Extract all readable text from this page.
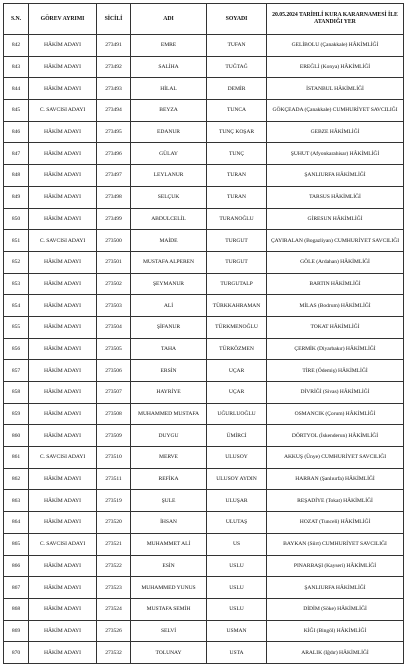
S.N.	GÖREV AYRIMI	SİCİLİ	ADI	SOYADI	20.05.2024 TARİHLİ KURA KARARNAMESİ İLE ATANDIĞI YER
842	HÂKİM ADAYI	273491	EMRE	TUFAN	GELİBOLU (Çanakkale) HÂKİMLİĞİ
843	HÂKİM ADAYI	273492	SALİHA	TUĞTAĞ	EREĞLİ (Konya) HÂKİMLİĞİ
844	HÂKİM ADAYI	273493	HİLAL	DEMİR	İSTANBUL HÂKİMLİĞİ
845	C. SAVCISI ADAYI	273494	BEYZA	TUNCA	GÖKÇEADA (Çanakkale) CUMHURİYET SAVCILIĞI
846	HÂKİM ADAYI	273495	EDANUR	TUNÇ KOŞAR	GEBZE HÂKİMLİĞİ
847	HÂKİM ADAYI	273496	GÜLAY	TUNÇ	ŞUHUT (Afyonkarahisar) HÂKİMLİĞİ
848	HÂKİM ADAYI	273497	LEYLANUR	TURAN	ŞANLIURFA HÂKİMLİĞİ
849	HÂKİM ADAYI	273498	SELÇUK	TURAN	TARSUS HÂKİMLİĞİ
850	HÂKİM ADAYI	273499	ABDULCELİL	TURANOĞLU	GİRESUN HÂKİMLİĞİ
851	C. SAVCISI ADAYI	273500	MAİDE	TURGUT	ÇAYIRALAN (Bogazliyan) CUMHURİYET SAVCILIĞI
852	HÂKİM ADAYI	273501	MUSTAFA ALPEREN	TURGUT	GÖLE (Ardahan) HÂKİMLİĞİ
853	HÂKİM ADAYI	273502	ŞEYMANUR	TURGUTALP	BARTIN HÂKİMLİĞİ
854	HÂKİM ADAYI	273503	ALİ	TÜRKKAHRAMAN	MİLAS (Bodrum) HÂKİMLİĞİ
855	HÂKİM ADAYI	273504	ŞİFANUR	TÜRKMENOĞLU	TOKAT HÂKİMLİĞİ
856	HÂKİM ADAYI	273505	TAHA	TÜRKÖZMEN	ÇERMİK (Diyarbakır) HÂKİMLİĞİ
857	HÂKİM ADAYI	273506	ERSİN	UÇAR	TİRE (Ödemiş) HÂKİMLİĞİ
858	HÂKİM ADAYI	273507	HAYRİYE	UÇAR	DİVRİĞİ (Sivas) HÂKİMLİĞİ
859	HÂKİM ADAYI	273508	MUHAMMED MUSTAFA	UĞURLUOĞLU	OSMANCIK (Çorum) HÂKİMLİĞİ
860	HÂKİM ADAYI	273509	DUYGU	ÜMİRCİ	DÖRTYOL (İskenderun) HÂKİMLİĞİ
861	C. SAVCISI ADAYI	273510	MERVE	ULUSOY	AKKUŞ (Ünye) CUMHURİYET SAVCILIĞI
862	HÂKİM ADAYI	273511	REFİKA	ULUSOY AYDIN	HARRAN (Şanlıurfa) HÂKİMLİĞİ
863	HÂKİM ADAYI	273519	ŞULE	ULUŞAR	REŞADİYE (Tokat) HÂKİMLİĞİ
864	HÂKİM ADAYI	273520	İHSAN	ULUTAŞ	HOZAT (Tunceli) HÂKİMLİĞİ
865	C. SAVCISI ADAYI	273521	MUHAMMET ALİ	US	BAYKAN (Siirt) CUMHURİYET SAVCILIĞI
866	HÂKİM ADAYI	273522	ESİN	USLU	PINARBAŞI (Kayseri) HÂKİMLİĞİ
867	HÂKİM ADAYI	273523	MUHAMMED YUNUS	USLU	ŞANLIURFA HÂKİMLİĞİ
868	HÂKİM ADAYI	273524	MUSTAFA SEMİH	USLU	DİDİM (Söke) HÂKİMLİĞİ
869	HÂKİM ADAYI	273526	SELVİ	USMAN	KİĞI (Bingöl) HÂKİMLİĞİ
870	HÂKİM ADAYI	273532	TOLUNAY	USTA	ARALIK (Iğdır) HÂKİMLİĞİ
